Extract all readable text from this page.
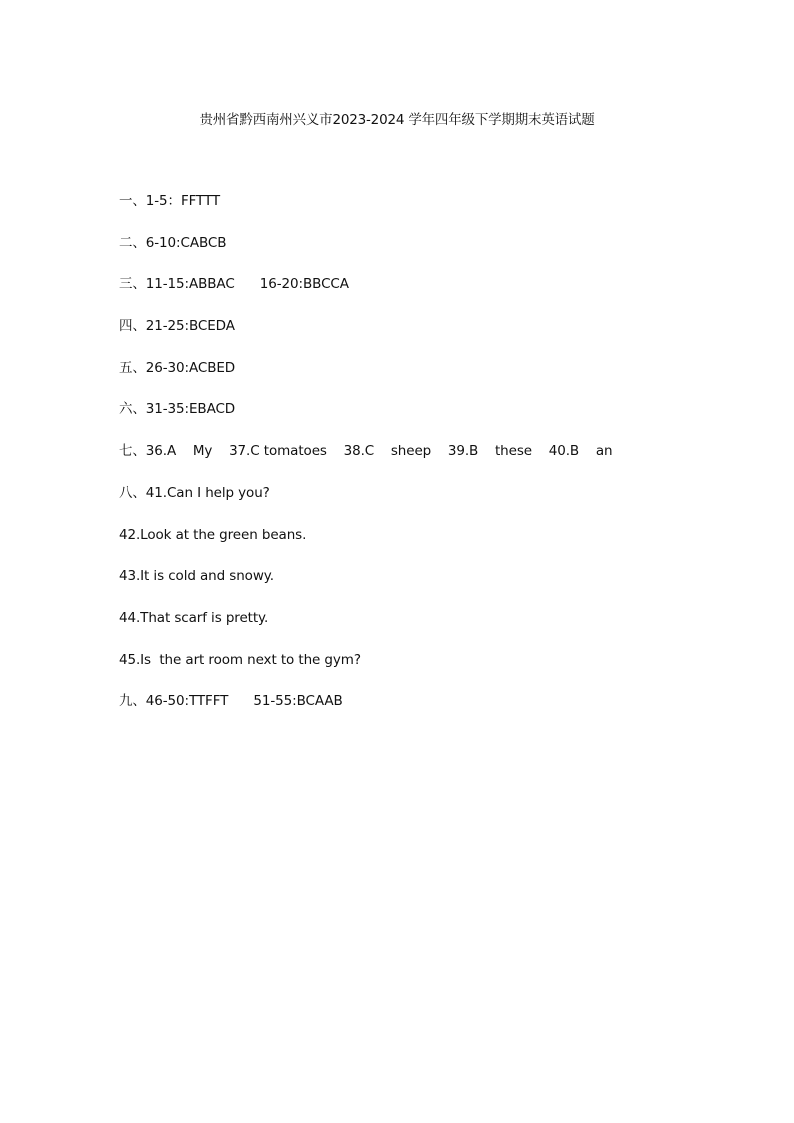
贵州省黔西南州兴义市2023-2024 学年四年级下学期期末英语试题
一、1-5：FFTTT
二、6-10:CABCB
三、11-15:ABBAC      16-20:BBCCA
四、21-25:BCEDA
五、26-30:ACBED
六、31-35:EBACD
七、36.A    My    37.C tomatoes    38.C    sheep    39.B    these    40.B    an
八、41.Can I help you?
42.Look at the green beans.
43.It is cold and snowy.
44.That scarf is pretty.
45.Is  the art room next to the gym?
九、46-50:TTFFT      51-55:BCAAB
